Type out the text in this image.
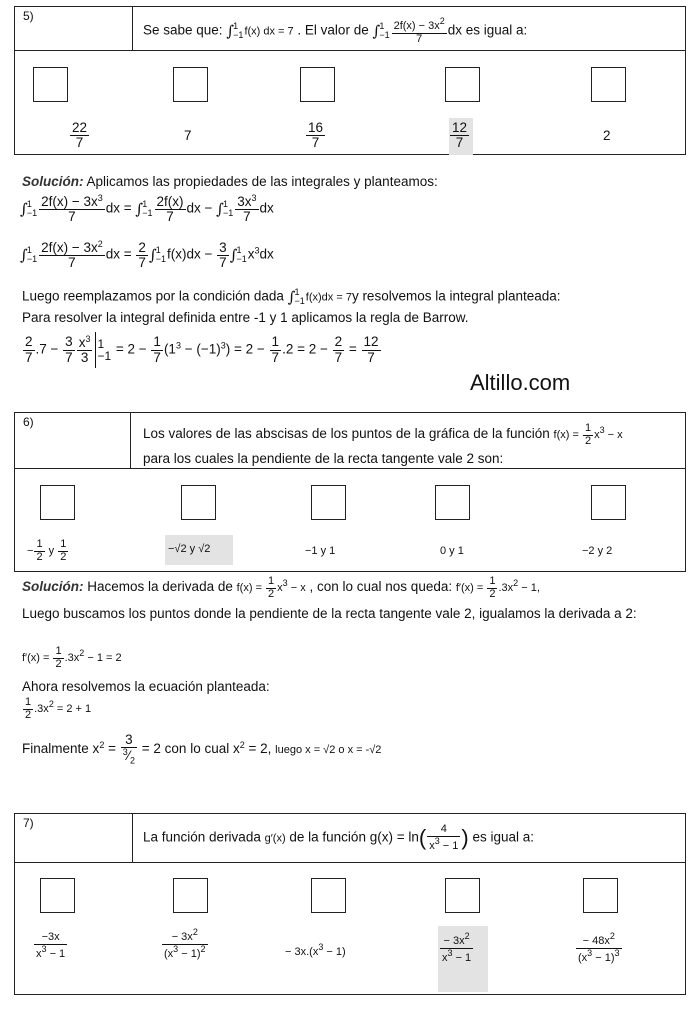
5)
Se sabe que: ∫ 1
−1 f(x) dx = 7 . El valor de ∫ 1
$-1 \frac{2f(x) - 3x^2}{7}$ dx es igual a:
$\frac{22}{7}$	7	$\frac{16}{7}$	$\frac{12}{7}$	2
Solución: Aplicamos las propiedades de las integrales y planteamos:
∫ 1
$-1 \frac{2f(x) - 3x^3}{7}$ dx = ∫ 1
$-1 \frac{2f(x)}{7}$ dx − ∫ 1
$-1 \frac{3x^3}{7}$ dx
∫ 1
$-1 \frac{2f(x) - 3x^2}{7}$ dx = $\frac{2}{7}$ ∫ 1
−1 $f(x)dx - \frac{3}{7}$ ∫ 1
−1 $x^3dx$
Luego reemplazamos por la condición dada ∫ 1
−1 f(x)dx = 7y resolvemos la integral planteada:
Para resolver la integral definida entre -1 y 1 aplicamos la regla de Barrow.
$\frac{2}{7} .7 - \frac{3}{7} \frac{x^3}{3} 1$
$-1 = 2 - \frac{1}{7} (1^3 - (-1)^3) = 2 - \frac{1}{7} .2 = 2 - \frac{2}{7} = \frac{12}{7}$
Altillo.com
6)
Los valores de las abscisas de los puntos de la gráfica de la función $f(x) = \frac{1}{2} x^3 - x$
para los cuales la pendiente de la recta tangente vale 2 son:
− $\frac{1}{2}$ y $\frac{1}{2}$	−√2 y √2	−1 y 1	0 y 1	−2 y 2
Solución: Hacemos la derivada de $f(x) = \frac{1}{2} x^3 - x$ , con lo cual nos queda: $f'(x) = \frac{1}{2} .3x^2 - 1$,
Luego buscamos los puntos donde la pendiente de la recta tangente vale 2, igualamos la derivada a 2:
$f'(x) = \frac{1}{2} .3x^2 - 1 = 2$
Ahora resolvemos la ecuación planteada:
$\frac{1}{2} .3x^2 = 2 + 1$
Finalmente $x^2 = \frac{3}{^3⁄_2} = 2$ con lo cual $x^2 = 2$, luego x = √2 o x = -√2
7)
La función derivada g′(x) de la función $g(x) = \ln( \frac{4}{x^3 - 1}$ ) es igual a:
$\frac{-3x}{x^3 - 1}$	$\frac{- 3x^2}{(x^3 - 1)^2}$	− $3x.(x^3 - 1)$	$\frac{- 3x^2}{x^3 - 1}$	$\frac{- 48x^2}{(x^3 - 1)^3}$
